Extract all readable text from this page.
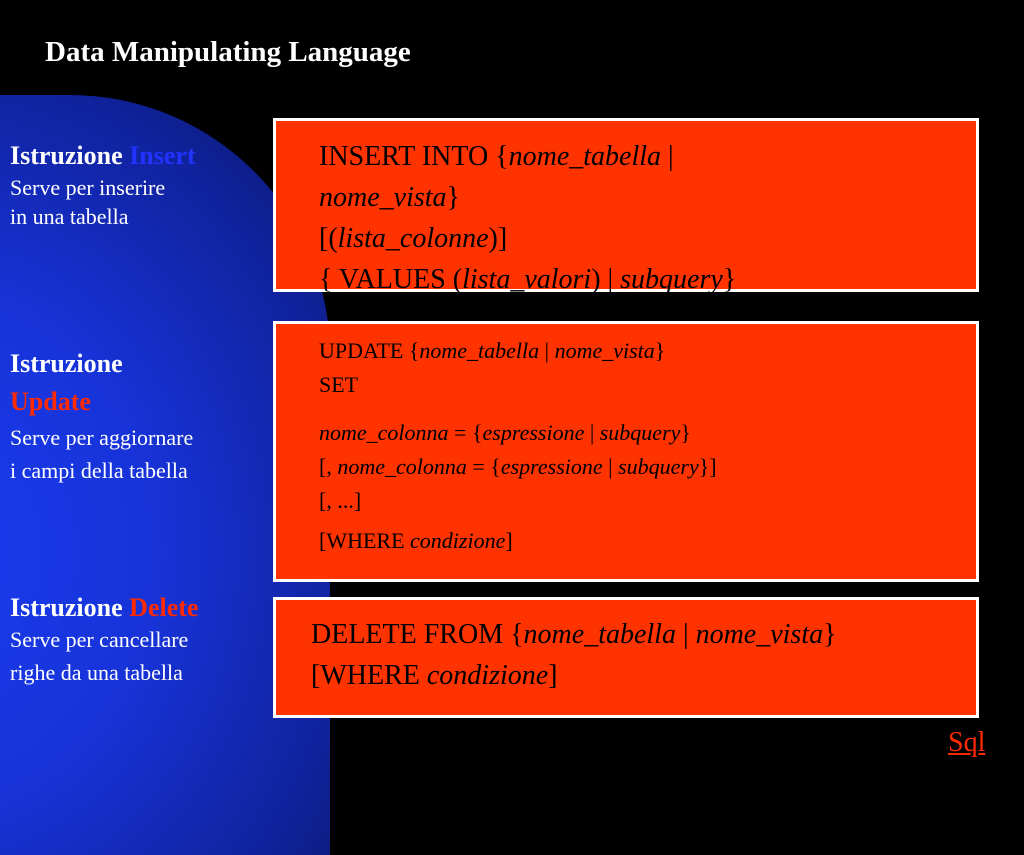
Data Manipulating Language
Istruzione Insert
Serve per inserire
in una tabella
Istruzione
Update
Serve per aggiornare
i campi della tabella
Istruzione Delete
Serve per cancellare
righe da una tabella
INSERT INTO {nome_tabella |
nome_vista}
[(lista_colonne)]
{ VALUES (lista_valori) | subquery}
UPDATE {nome_tabella | nome_vista}
SET
nome_colonna = {espressione | subquery}
[, nome_colonna = {espressione | subquery}]
[, ...]
[WHERE condizione]
DELETE FROM {nome_tabella | nome_vista}
[WHERE condizione]
Sql
